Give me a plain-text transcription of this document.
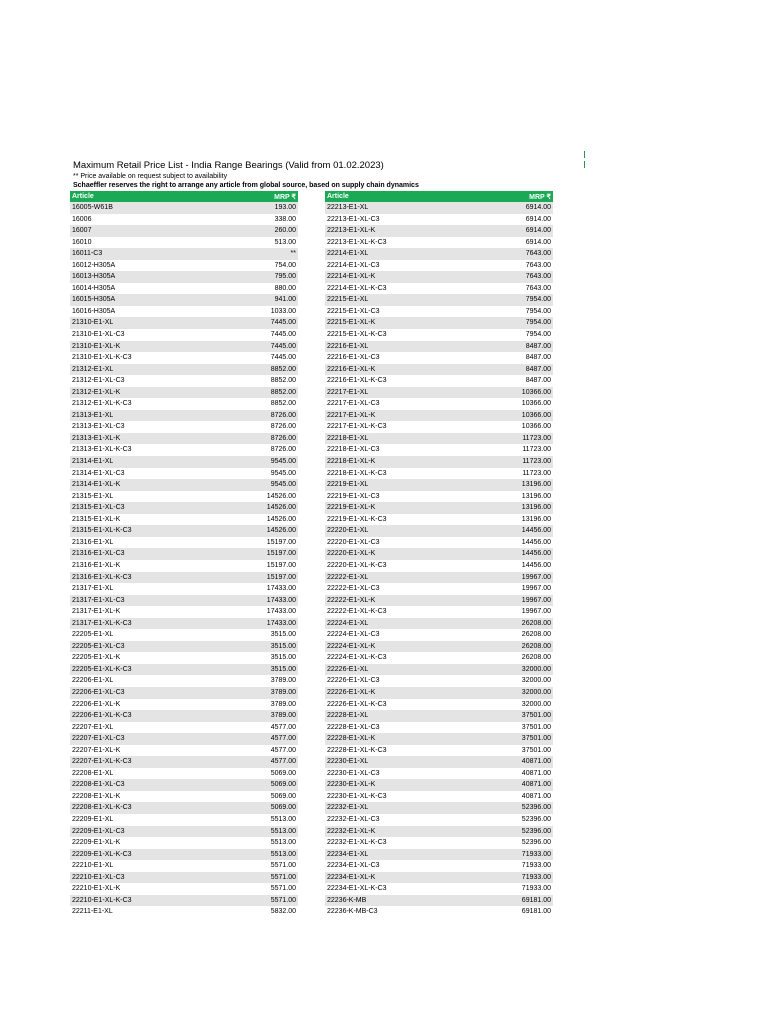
Maximum Retail Price List - India Range Bearings (Valid from 01.02.2023)
** Price available on request subject to availability
Schaeffler reserves the right to arrange any article from global source, based on supply chain dynamics
Article	MRP ₹
16005-W61B	193.00
16006	338.00
16007	260.00
16010	513.00
16011-C3	**
16012-H305A	754.00
16013-H305A	795.00
16014-H305A	880.00
16015-H305A	941.00
16016-H305A	1033.00
21310-E1-XL	7445.00
21310-E1-XL-C3	7445.00
21310-E1-XL-K	7445.00
21310-E1-XL-K-C3	7445.00
21312-E1-XL	8852.00
21312-E1-XL-C3	8852.00
21312-E1-XL-K	8852.00
21312-E1-XL-K-C3	8852.00
21313-E1-XL	8726.00
21313-E1-XL-C3	8726.00
21313-E1-XL-K	8726.00
21313-E1-XL-K-C3	8726.00
21314-E1-XL	9545.00
21314-E1-XL-C3	9545.00
21314-E1-XL-K	9545.00
21315-E1-XL	14526.00
21315-E1-XL-C3	14526.00
21315-E1-XL-K	14526.00
21315-E1-XL-K-C3	14526.00
21316-E1-XL	15197.00
21316-E1-XL-C3	15197.00
21316-E1-XL-K	15197.00
21316-E1-XL-K-C3	15197.00
21317-E1-XL	17433.00
21317-E1-XL-C3	17433.00
21317-E1-XL-K	17433.00
21317-E1-XL-K-C3	17433.00
22205-E1-XL	3515.00
22205-E1-XL-C3	3515.00
22205-E1-XL-K	3515.00
22205-E1-XL-K-C3	3515.00
22206-E1-XL	3789.00
22206-E1-XL-C3	3789.00
22206-E1-XL-K	3789.00
22206-E1-XL-K-C3	3789.00
22207-E1-XL	4577.00
22207-E1-XL-C3	4577.00
22207-E1-XL-K	4577.00
22207-E1-XL-K-C3	4577.00
22208-E1-XL	5069.00
22208-E1-XL-C3	5069.00
22208-E1-XL-K	5069.00
22208-E1-XL-K-C3	5069.00
22209-E1-XL	5513.00
22209-E1-XL-C3	5513.00
22209-E1-XL-K	5513.00
22209-E1-XL-K-C3	5513.00
22210-E1-XL	5571.00
22210-E1-XL-C3	5571.00
22210-E1-XL-K	5571.00
22210-E1-XL-K-C3	5571.00
22211-E1-XL	5832.00
Article	MRP ₹
22213-E1-XL	6914.00
22213-E1-XL-C3	6914.00
22213-E1-XL-K	6914.00
22213-E1-XL-K-C3	6914.00
22214-E1-XL	7643.00
22214-E1-XL-C3	7643.00
22214-E1-XL-K	7643.00
22214-E1-XL-K-C3	7643.00
22215-E1-XL	7954.00
22215-E1-XL-C3	7954.00
22215-E1-XL-K	7954.00
22215-E1-XL-K-C3	7954.00
22216-E1-XL	8487.00
22216-E1-XL-C3	8487.00
22216-E1-XL-K	8487.00
22216-E1-XL-K-C3	8487.00
22217-E1-XL	10366.00
22217-E1-XL-C3	10366.00
22217-E1-XL-K	10366.00
22217-E1-XL-K-C3	10366.00
22218-E1-XL	11723.00
22218-E1-XL-C3	11723.00
22218-E1-XL-K	11723.00
22218-E1-XL-K-C3	11723.00
22219-E1-XL	13196.00
22219-E1-XL-C3	13196.00
22219-E1-XL-K	13196.00
22219-E1-XL-K-C3	13196.00
22220-E1-XL	14456.00
22220-E1-XL-C3	14456.00
22220-E1-XL-K	14456.00
22220-E1-XL-K-C3	14456.00
22222-E1-XL	19967.00
22222-E1-XL-C3	19967.00
22222-E1-XL-K	19967.00
22222-E1-XL-K-C3	19967.00
22224-E1-XL	26208.00
22224-E1-XL-C3	26208.00
22224-E1-XL-K	26208.00
22224-E1-XL-K-C3	26208.00
22226-E1-XL	32000.00
22226-E1-XL-C3	32000.00
22226-E1-XL-K	32000.00
22226-E1-XL-K-C3	32000.00
22228-E1-XL	37501.00
22228-E1-XL-C3	37501.00
22228-E1-XL-K	37501.00
22228-E1-XL-K-C3	37501.00
22230-E1-XL	40871.00
22230-E1-XL-C3	40871.00
22230-E1-XL-K	40871.00
22230-E1-XL-K-C3	40871.00
22232-E1-XL	52396.00
22232-E1-XL-C3	52396.00
22232-E1-XL-K	52396.00
22232-E1-XL-K-C3	52396.00
22234-E1-XL	71933.00
22234-E1-XL-C3	71933.00
22234-E1-XL-K	71933.00
22234-E1-XL-K-C3	71933.00
22236-K-MB	69181.00
22236-K-MB-C3	69181.00
